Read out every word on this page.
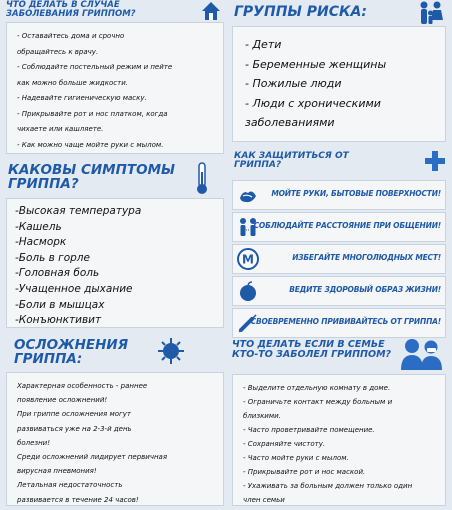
ЧТО ДЕЛАТЬ В СЛУЧАЕ
ЗАБОЛЕВАНИЯ ГРИППОМ?
- Оставайтесь дома и срочно
обращайтесь к врачу.
- Соблюдайте постельный режим и пейте
как можно больше жидкости.
- Надевайте гигиеническую маску.
- Прикрывайте рот и нос платком, когда
чихаете или кашляете.
- Как можно чаще мойте руки с мылом.
ГРУППЫ РИСКА:
- Дети
- Беременные женщины
- Пожилые люди
- Люди с хроническими
заболеваниями
КАКОВЫ СИМПТОМЫ
ГРИППА?
-Высокая температура
-Кашель
-Насморк
-Боль в горле
-Головная боль
-Учащенное дыхание
-Боли в мышцах
-Конъюнктивит
КАК ЗАЩИТИТЬСЯ ОТ
ГРИППА?
МОЙТЕ РУКИ, БЫТОВЫЕ ПОВЕРХНОСТИ!
СОБЛЮДАЙТЕ РАССТОЯНИЕ ПРИ ОБЩЕНИИ!
М	ИЗБЕГАЙТЕ МНОГОЛЮДНЫХ МЕСТ!
ВЕДИТЕ ЗДОРОВЫЙ ОБРАЗ ЖИЗНИ!
СВОЕВРЕМЕННО ПРИВИВАЙТЕСЬ ОТ ГРИППА!
ОСЛОЖНЕНИЯ
ГРИППА:
Характерная особенность - раннее
появление осложнений!
При гриппе осложнения могут
развиваться уже на 2-3-й день
болезни!
Среди осложнений лидирует первичная
вирусная пневмония!
Летальная недостаточность
развивается в течение 24 часов!
ЧТО ДЕЛАТЬ ЕСЛИ В СЕМЬЕ
КТО-ТО ЗАБОЛЕЛ ГРИППОМ?
- Выделите отдельную комнату в доме.
- Ограничьте контакт между больным и
близкими.
- Часто проветривайте помещение.
- Сохраняйте чистоту.
- Часто мойте руки с мылом.
- Прикрывайте рот и нос маской.
- Ухаживать за больным должен только один
член семьи
